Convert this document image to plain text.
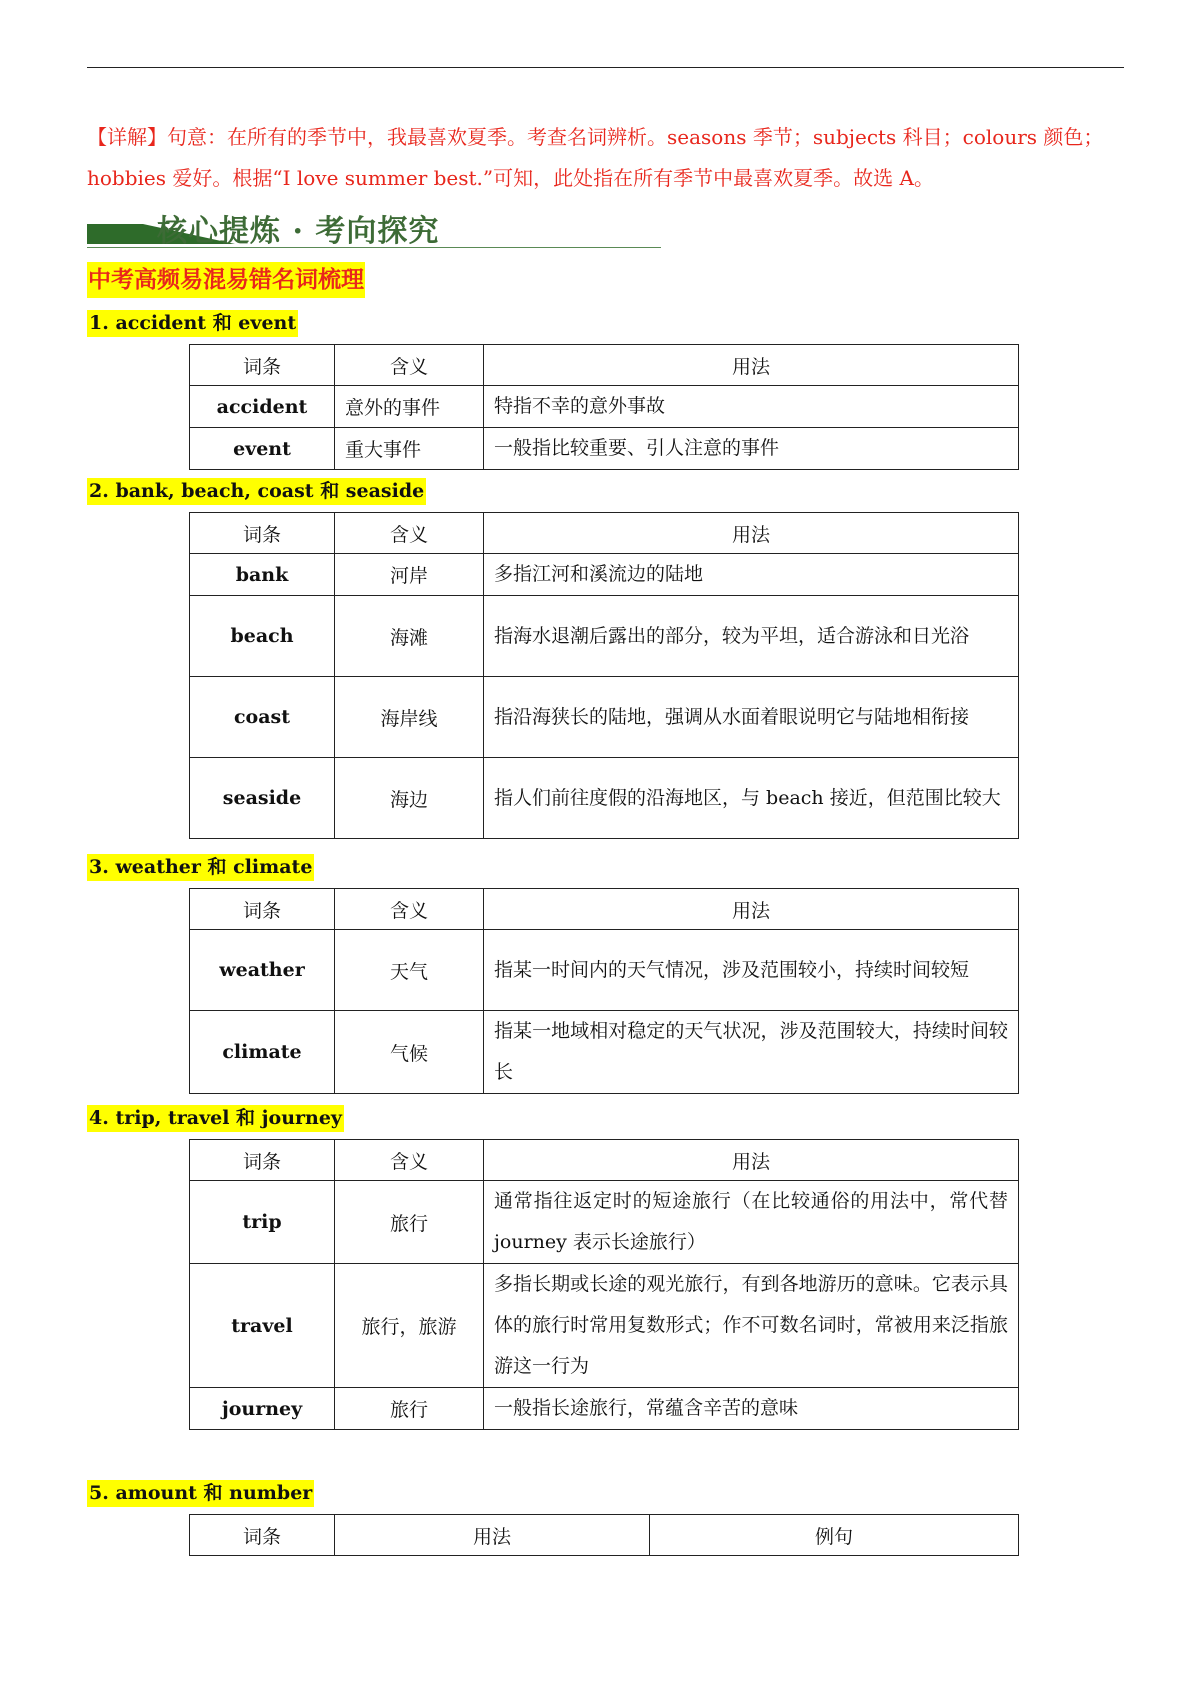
【详解】句意：在所有的季节中，我最喜欢夏季。考查名词辨析。seasons 季节；subjects 科目；colours 颜色；hobbies 爱好。根据“I love summer best.”可知，此处指在所有季节中最喜欢夏季。故选 A。
核心提炼 · 考向探究
中考高频易混易错名词梳理
1. accident 和 event
词条	含义	用法
accident	意外的事件	特指不幸的意外事故
event	重大事件	一般指比较重要、引人注意的事件
2. bank, beach, coast 和 seaside
词条	含义	用法
bank	河岸	多指江河和溪流边的陆地
beach	海滩	指海水退潮后露出的部分，较为平坦，适合游泳和日光浴
coast	海岸线	指沿海狭长的陆地，强调从水面着眼说明它与陆地相衔接
seaside	海边	指人们前往度假的沿海地区，与 beach 接近，但范围比较大
3. weather 和 climate
词条	含义	用法
weather	天气	指某一时间内的天气情况，涉及范围较小，持续时间较短
climate	气候	指某一地域相对稳定的天气状况，涉及范围较大，持续时间较长
4. trip, travel 和 journey
词条	含义	用法
trip	旅行	通常指往返定时的短途旅行（在比较通俗的用法中，常代替 journey 表示长途旅行）
travel	旅行，旅游	多指长期或长途的观光旅行，有到各地游历的意味。它表示具体的旅行时常用复数形式；作不可数名词时，常被用来泛指旅游这一行为
journey	旅行	一般指长途旅行，常蕴含辛苦的意味
5. amount 和 number
词条	用法	例句
